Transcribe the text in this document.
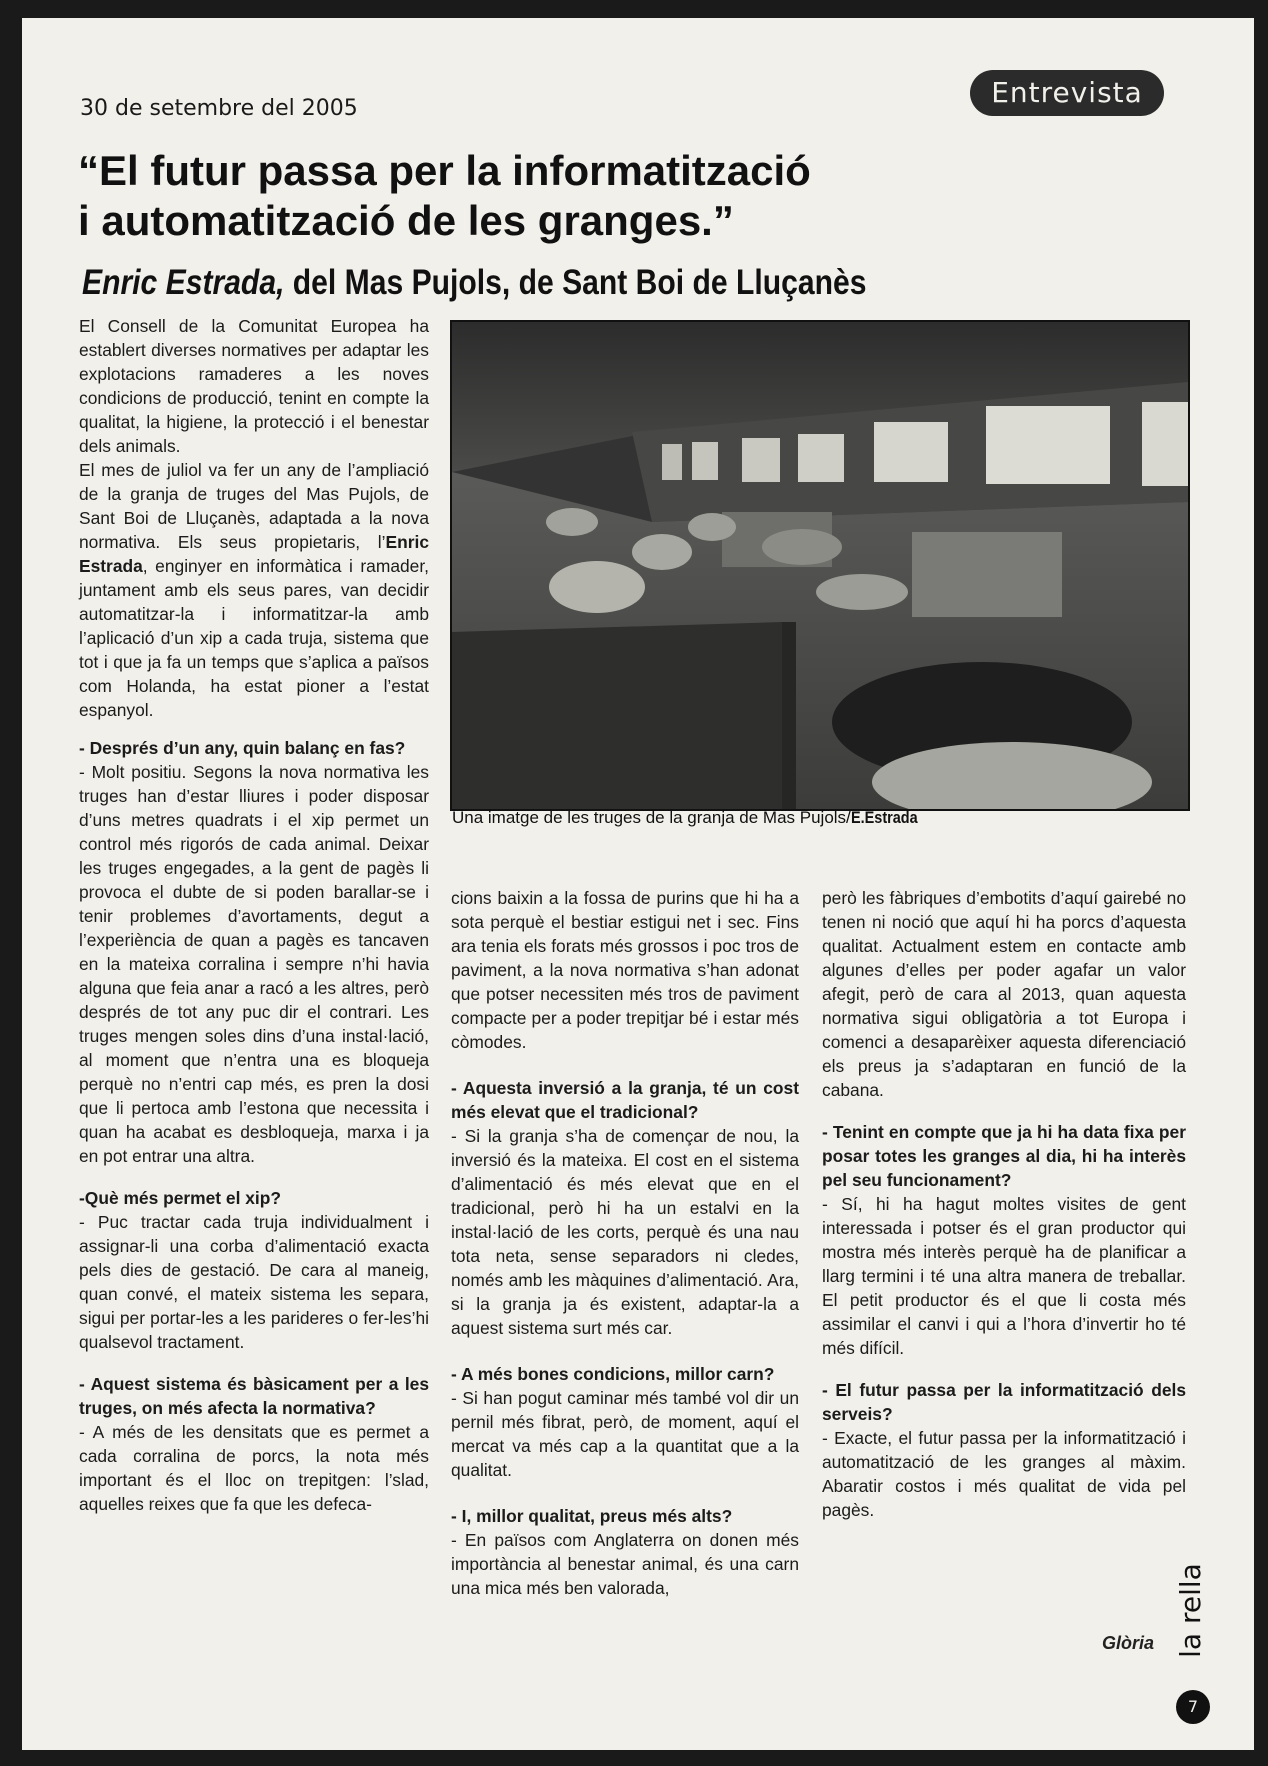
30 de setembre del 2005	Entrevista
“El futur passa per la informatització
i automatització de les granges.”
Enric Estrada, del Mas Pujols, de Sant Boi de Lluçanès

El Consell de la Comunitat Europea ha establert diverses normatives per adaptar les explotacions ramaderes a les noves condicions de producció, tenint en compte la qualitat, la higiene, la protecció i el benestar dels animals.

El mes de juliol va fer un any de l’ampliació de la granja de truges del Mas Pujols, de Sant Boi de Lluçanès, adaptada a la nova normativa. Els seus propietaris, l’Enric Estrada, enginyer en informàtica i ramader, juntament amb els seus pares, van decidir automatitzar-la i informatitzar-la amb l’aplicació d’un xip a cada truja, sistema que tot i que ja fa un temps que s’aplica a països com Holanda, ha estat pioner a l’estat espanyol.

- Després d’un any, quin balanç en fas?

- Molt positiu. Segons la nova normativa les truges han d’estar lliures i poder disposar d’uns metres quadrats i el xip permet un control més rigorós de cada animal. Deixar les truges engegades, a la gent de pagès li provoca el dubte de si poden barallar-se i tenir problemes d’avortaments, degut a l’experiència de quan a pagès es tancaven en la mateixa corralina i sempre n’hi havia alguna que feia anar a racó a les altres, però després de tot any puc dir el contrari. Les truges mengen soles dins d’una instal·lació, al moment que n’entra una es bloqueja perquè no n’entri cap més, es pren la dosi que li pertoca amb l’estona que necessita i quan ha acabat es desbloqueja, marxa i ja en pot entrar una altra.

-Què més permet el xip?

- Puc tractar cada truja individualment i assignar-li una corba d’alimentació exacta pels dies de gestació. De cara al maneig, quan convé, el mateix sistema les separa, sigui per portar-les a les parideres o fer-les’hi qualsevol tractament.

- Aquest sistema és bàsicament per a les truges, on més afecta la normativa?

- A més de les densitats que es permet a cada corralina de porcs, la nota més important és el lloc on trepitgen: l’slad, aquelles reixes que fa que les defeca-

Una imatge de les truges de la granja de Mas Pujols/E.Estrada

cions baixin a la fossa de purins que hi ha a sota perquè el bestiar estigui net i sec. Fins ara tenia els forats més grossos i poc tros de paviment, a la nova normativa s’han adonat que potser necessiten més tros de paviment compacte per a poder trepitjar bé i estar més còmodes.

- Aquesta inversió a la granja, té un cost més elevat que el tradicional?

- Si la granja s’ha de començar de nou, la inversió és la mateixa. El cost en el sistema d’alimentació és més elevat que en el tradicional, però hi ha un estalvi en la instal·lació de les corts, perquè és una nau tota neta, sense separadors ni cledes, només amb les màquines d’alimentació. Ara, si la granja ja és existent, adaptar-la a aquest sistema surt més car.

- A més bones condicions, millor carn?

- Si han pogut caminar més també vol dir un pernil més fibrat, però, de moment, aquí el mercat va més cap a la quantitat que a la qualitat.

- I, millor qualitat, preus més alts?

- En països com Anglaterra on donen més importància al benestar animal, és una carn una mica més ben valorada,

però les fàbriques d’embotits d’aquí gairebé no tenen ni noció que aquí hi ha porcs d’aquesta qualitat. Actualment estem en contacte amb algunes d’elles per poder agafar un valor afegit, però de cara al 2013, quan aquesta normativa sigui obligatòria a tot Europa i comenci a desaparèixer aquesta diferenciació els preus ja s’adaptaran en funció de la cabana.

- Tenint en compte que ja hi ha data fixa per posar totes les granges al dia, hi ha interès pel seu funcionament?

- Sí, hi ha hagut moltes visites de gent interessada i potser és el gran productor qui mostra més interès perquè ha de planificar a llarg termini i té una altra manera de treballar. El petit productor és el que li costa més assimilar el canvi i qui a l’hora d’invertir ho té més difícil.

- El futur passa per la informatització dels serveis?

- Exacte, el futur passa per la informatització i automatització de les granges al màxim. Abaratir costos i més qualitat de vida pel pagès.

Glòria la rella
7
